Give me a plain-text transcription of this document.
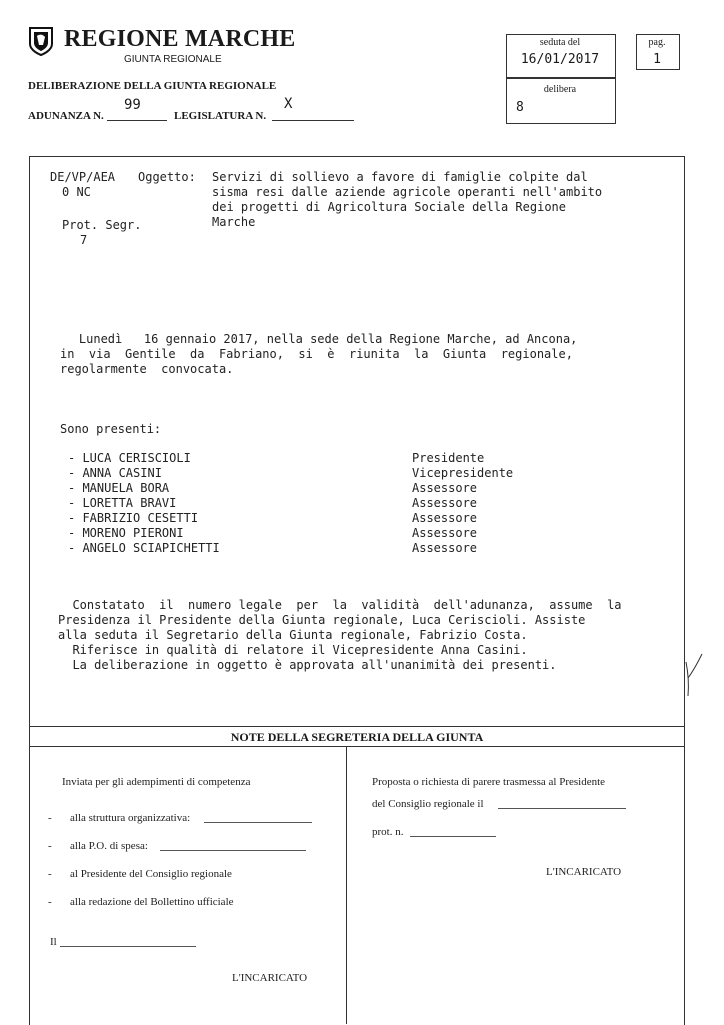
REGIONE MARCHE
GIUNTA REGIONALE
DELIBERAZIONE DELLA GIUNTA REGIONALE
ADUNANZA N.
99
LEGISLATURA N.
X
seduta del
16/01/2017
delibera
8
pag.
1
DE/VP/AEA
0 NC
Prot. Segr.
7
Oggetto: Servizi di sollievo a favore di famiglie colpite dal
sisma resi dalle aziende agricole operanti nell'ambito
dei progetti di Agricoltura Sociale della Regione
Marche
Lunedì   16 gennaio 2017, nella sede della Regione Marche, ad Ancona,
in  via  Gentile  da  Fabriano,  si  è  riunita  la  Giunta  regionale,
regolarmente  convocata.
Sono presenti:
- LUCA CERISCIOLI	Presidente
- ANNA CASINI	Vicepresidente
- MANUELA BORA	Assessore
- LORETTA BRAVI	Assessore
- FABRIZIO CESETTI	Assessore
- MORENO PIERONI	Assessore
- ANGELO SCIAPICHETTI	Assessore
Constatato  il  numero legale  per  la  validità  dell'adunanza,  assume  la
Presidenza il Presidente della Giunta regionale, Luca Ceriscioli. Assiste
alla seduta il Segretario della Giunta regionale, Fabrizio Costa.
Riferisce in qualità di relatore il Vicepresidente Anna Casini.
La deliberazione in oggetto è approvata all'unanimità dei presenti.
NOTE DELLA SEGRETERIA DELLA GIUNTA
Inviata per gli adempimenti di competenza
- alla struttura organizzativa:
- alla P.O. di spesa:
- al Presidente del Consiglio regionale
- alla redazione del Bollettino ufficiale
Il
L'INCARICATO
Proposta o richiesta di parere trasmessa al Presidente
del Consiglio regionale il
prot. n.
L'INCARICATO
